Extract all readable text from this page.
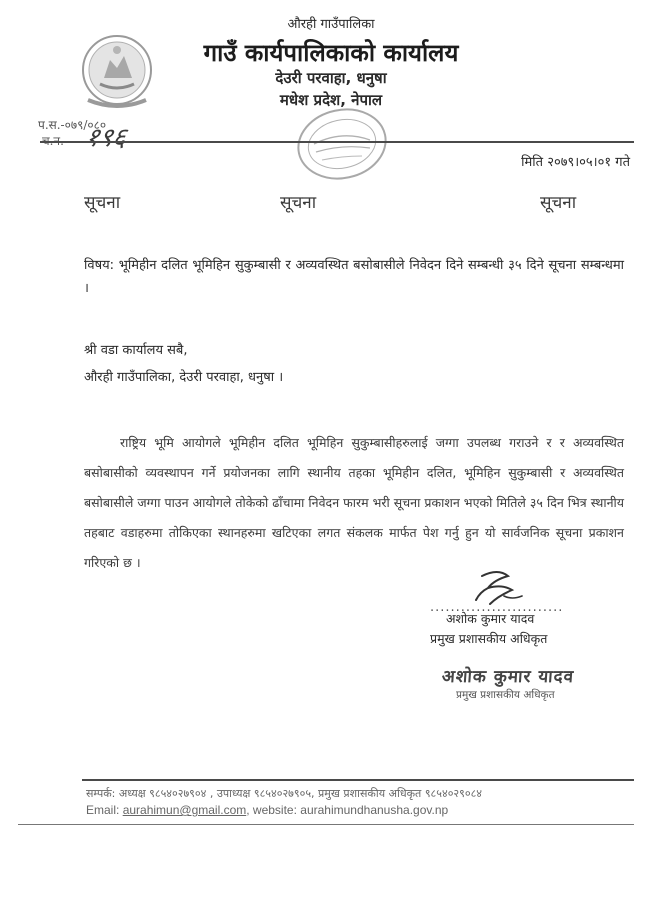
औरही गाउँपालिका
गाउँ कार्यपालिकाको कार्यालय
देउरी परवाहा, धनुषा
मधेश प्रदेश, नेपाल
प.स.-०७९/०८०
च.न.- १९६
मिति २०७९।०५।०१ गते
सूचना	सूचना	सूचना
विषय: भूमिहीन दलित भूमिहिन सुकुम्बासी र अव्यवस्थित बसोबासीले निवेदन दिने सम्बन्धी ३५ दिने सूचना सम्बन्धमा ।
श्री वडा कार्यालय सबै,
औरही गाउँपालिका, देउरी परवाहा, धनुषा ।
राष्ट्रिय भूमि आयोगले भूमिहीन दलित भूमिहिन सुकुम्बासीहरुलाई जग्गा उपलब्ध गराउने र र अव्यवस्थित बसोबासीको व्यवस्थापन गर्ने प्रयोजनका लागि स्थानीय तहका भूमिहीन दलित, भूमिहिन सुकुम्बासी र अव्यवस्थित बसोबासीले जग्गा पाउन आयोगले तोकेको ढाँचामा निवेदन फारम भरी सूचना प्रकाशन भएको मितिले ३५ दिन भित्र स्थानीय तहबाट वडाहरुमा तोकिएका स्थानहरुमा खटिएका लगत संकलक मार्फत पेश गर्नु हुन यो सार्वजनिक सूचना प्रकाशन गरिएको छ ।
..........................
अशोक कुमार यादव
प्रमुख प्रशासकीय अधिकृत
अशोक कुमार यादव
प्रमुख प्रशासकीय अधिकृत
सम्पर्क: अध्यक्ष ९८५४०२७९०४ , उपाध्यक्ष ९८५४०२७९०५, प्रमुख प्रशासकीय अधिकृत ९८५४०२९०८४
Email: aurahimun@gmail.com, website: aurahimundhanusha.gov.np
